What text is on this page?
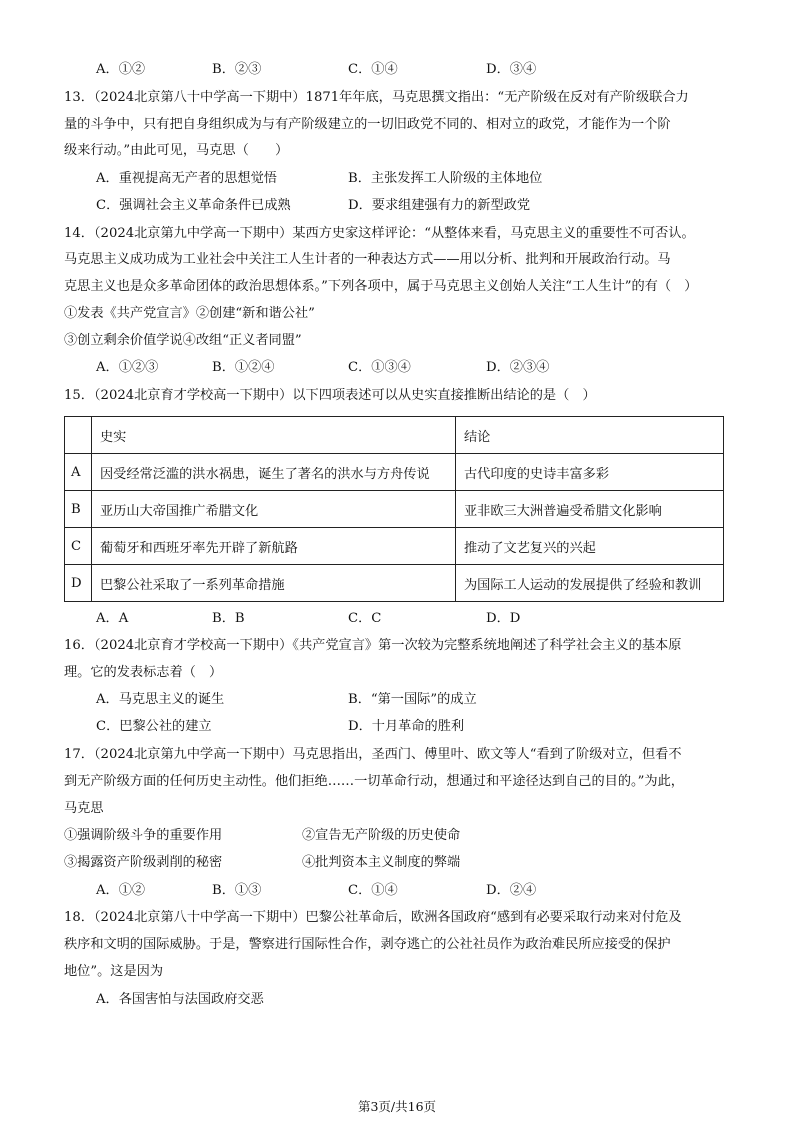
A．①②	B．②③	C．①④	D．③④
13．（2024北京第八十中学高一下期中）1871年年底，马克思撰文指出：“无产阶级在反对有产阶级联合力
量的斗争中，只有把自身组织成为与有产阶级建立的一切旧政党不同的、相对立的政党，才能作为一个阶
级来行动。”由此可见，马克思（　　）
A．重视提高无产者的思想觉悟	B．主张发挥工人阶级的主体地位
C．强调社会主义革命条件已成熟	D．要求组建强有力的新型政党
14．（2024北京第九中学高一下期中）某西方史家这样评论：“从整体来看，马克思主义的重要性不可否认。
马克思主义成功成为工业社会中关注工人生计者的一种表达方式——用以分析、批判和开展政治行动。马
克思主义也是众多革命团体的政治思想体系。”下列各项中，属于马克思主义创始人关注“工人生计”的有（　）
①发表《共产党宣言》②创建“新和谐公社”
③创立剩余价值学说④改组“正义者同盟”
A．①②③	B．①②④	C．①③④	D．②③④
15．（2024北京育才学校高一下期中）以下四项表述可以从史实直接推断出结论的是（　）
	史实	结论
A	因受经常泛滥的洪水祸患，诞生了著名的洪水与方舟传说	古代印度的史诗丰富多彩
B	亚历山大帝国推广希腊文化	亚非欧三大洲普遍受希腊文化影响
C	葡萄牙和西班牙率先开辟了新航路	推动了文艺复兴的兴起
D	巴黎公社采取了一系列革命措施	为国际工人运动的发展提供了经验和教训
A．A	B．B	C．C	D．D
16．（2024北京育才学校高一下期中）《共产党宣言》第一次较为完整系统地阐述了科学社会主义的基本原
理。它的发表标志着（　）
A．马克思主义的诞生	B．“第一国际”的成立
C．巴黎公社的建立	D．十月革命的胜利
17．（2024北京第九中学高一下期中）马克思指出，圣西门、傅里叶、欧文等人“看到了阶级对立，但看不
到无产阶级方面的任何历史主动性。他们拒绝……一切革命行动，想通过和平途径达到自己的目的。”为此，
马克思
①强调阶级斗争的重要作用	②宣告无产阶级的历史使命
③揭露资产阶级剥削的秘密	④批判资本主义制度的弊端
A．①②	B．①③	C．①④	D．②④
18．（2024北京第八十中学高一下期中）巴黎公社革命后，欧洲各国政府“感到有必要采取行动来对付危及
秩序和文明的国际威胁。于是，警察进行国际性合作，剥夺逃亡的公社社员作为政治难民所应接受的保护
地位”。这是因为
A．各国害怕与法国政府交恶
第3页/共16页
